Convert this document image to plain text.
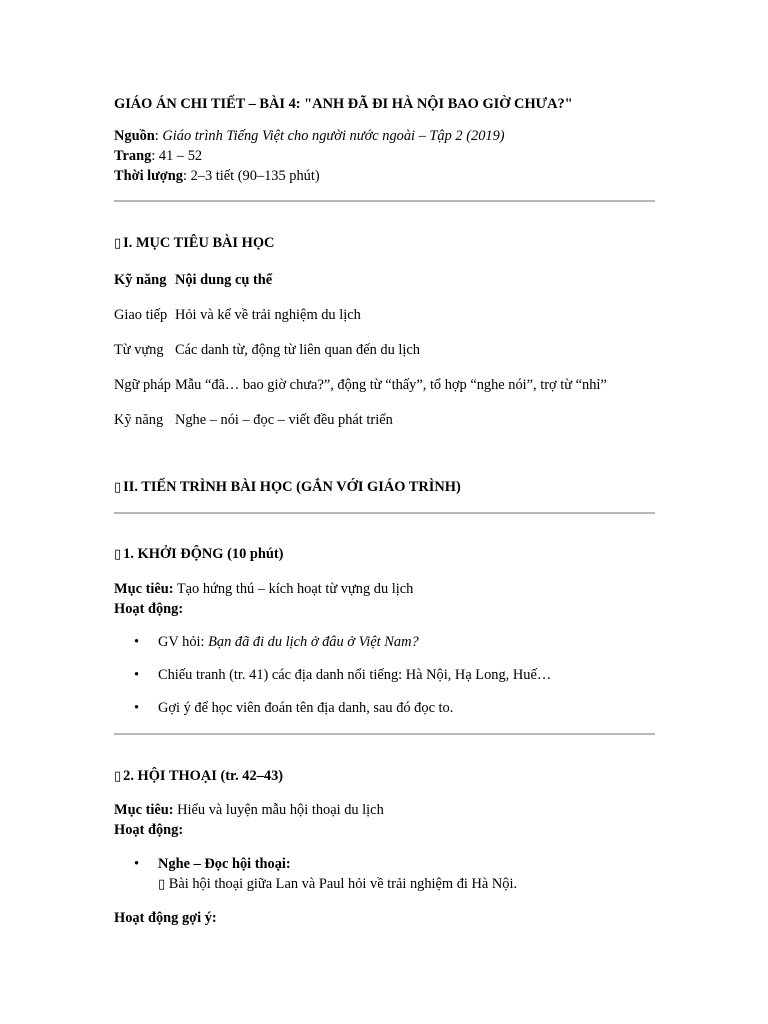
GIÁO ÁN CHI TIẾT – BÀI 4: "ANH ĐÃ ĐI HÀ NỘI BAO GIỜ CHƯA?"
Nguồn: Giáo trình Tiếng Việt cho người nước ngoài – Tập 2 (2019)
Trang: 41 – 52
Thời lượng: 2–3 tiết (90–135 phút)
▯ I. MỤC TIÊU BÀI HỌC
Kỹ năng	Nội dung cụ thể
Giao tiếp	Hỏi và kể về trải nghiệm du lịch
Từ vựng	Các danh từ, động từ liên quan đến du lịch
Ngữ pháp	Mẫu “đã… bao giờ chưa?”, động từ “thấy”, tổ hợp “nghe nói”, trợ từ “nhỉ”
Kỹ năng	Nghe – nói – đọc – viết đều phát triển
▯ II. TIẾN TRÌNH BÀI HỌC (GẮN VỚI GIÁO TRÌNH)
▯ 1. KHỞI ĐỘNG (10 phút)
Mục tiêu: Tạo hứng thú – kích hoạt từ vựng du lịch
Hoạt động:
• GV hỏi: Bạn đã đi du lịch ở đâu ở Việt Nam?
• Chiếu tranh (tr. 41) các địa danh nổi tiếng: Hà Nội, Hạ Long, Huế…
• Gợi ý để học viên đoán tên địa danh, sau đó đọc to.
▯ 2. HỘI THOẠI (tr. 42–43)
Mục tiêu: Hiểu và luyện mẫu hội thoại du lịch
Hoạt động:
• Nghe – Đọc hội thoại:
▯ Bài hội thoại giữa Lan và Paul hỏi về trải nghiệm đi Hà Nội.
Hoạt động gợi ý:
